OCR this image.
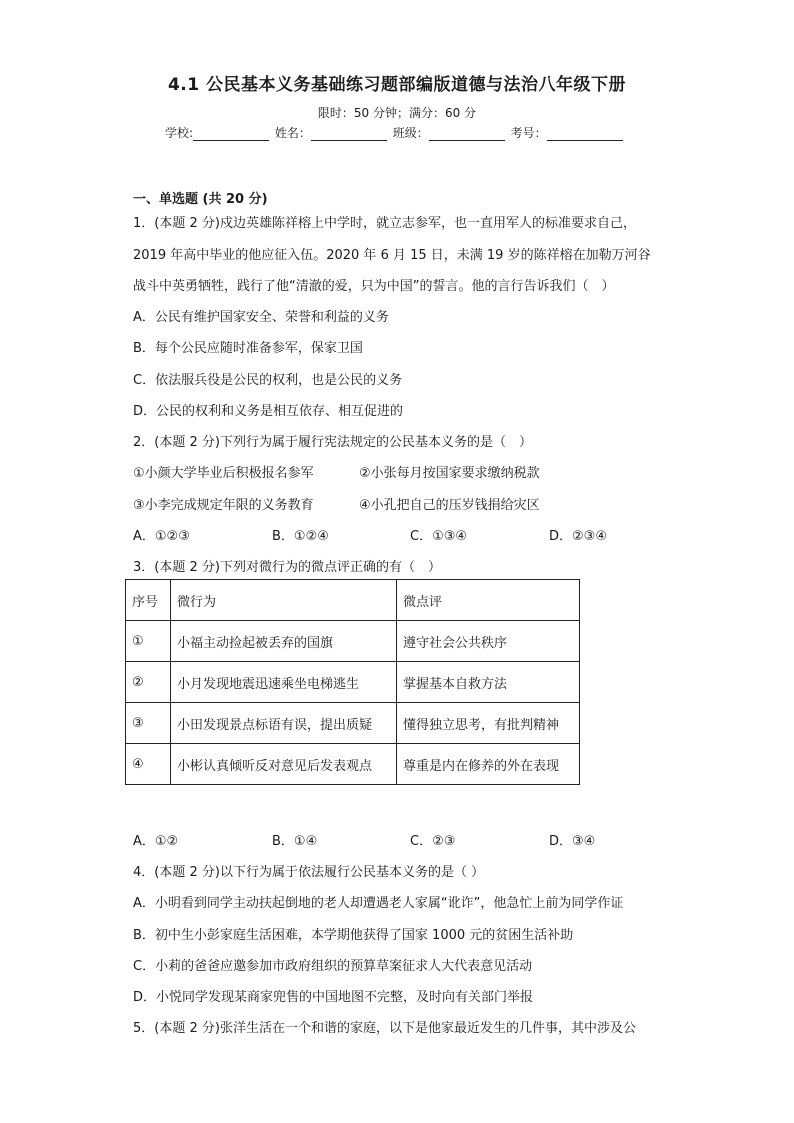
4.1 公民基本义务基础练习题部编版道德与法治八年级下册
限时：50 分钟；满分：60 分
学校:	姓名：	班级：	考号：
一、单选题 (共 20 分)
1．(本题 2 分)戍边英雄陈祥榕上中学时，就立志参军，也一直用军人的标准要求自己，
2019 年高中毕业的他应征入伍。2020 年 6 月 15 日，未满 19 岁的陈祥榕在加勒万河谷
战斗中英勇牺牲，践行了他“清澈的爱，只为中国”的誓言。他的言行告诉我们（　）
A．公民有维护国家安全、荣誉和利益的义务
B．每个公民应随时准备参军，保家卫国
C．依法服兵役是公民的权利，也是公民的义务
D．公民的权利和义务是相互依存、相互促进的
2．(本题 2 分)下列行为属于履行宪法规定的公民基本义务的是（　）
①小颜大学毕业后积极报名参军	②小张每月按国家要求缴纳税款
③小李完成规定年限的义务教育	④小孔把自己的压岁钱捐给灾区
A．①②③	B．①②④	C．①③④	D．②③④
3．(本题 2 分)下列对微行为的微点评正确的有（　）
序号	微行为	微点评
①	小福主动捡起被丢弃的国旗	遵守社会公共秩序
②	小月发现地震迅速乘坐电梯逃生	掌握基本自救方法
③	小田发现景点标语有误，提出质疑	懂得独立思考，有批判精神
④	小彬认真倾听反对意见后发表观点	尊重是内在修养的外在表现
A．①②	B．①④	C．②③	D．③④
4．(本题 2 分)以下行为属于依法履行公民基本义务的是（ ）
A．小明看到同学主动扶起倒地的老人却遭遇老人家属“讹诈”，他急忙上前为同学作证
B．初中生小彭家庭生活困难，本学期他获得了国家 1000 元的贫困生活补助
C．小莉的爸爸应邀参加市政府组织的预算草案征求人大代表意见活动
D．小悦同学发现某商家兜售的中国地图不完整，及时向有关部门举报
5．(本题 2 分)张洋生活在一个和谐的家庭，以下是他家最近发生的几件事，其中涉及公
